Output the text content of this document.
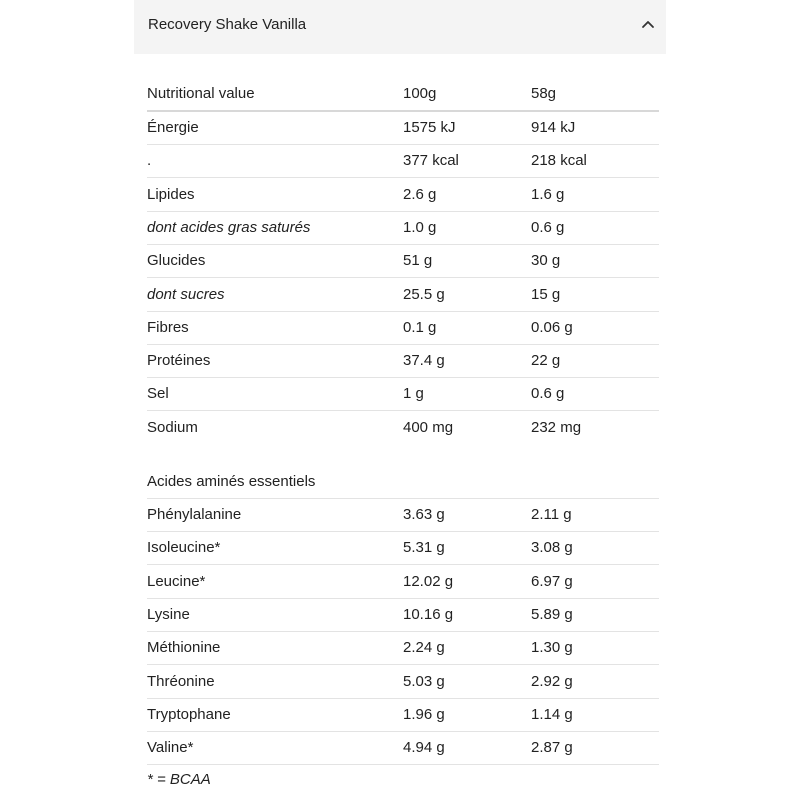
Recovery Shake Vanilla
Nutritional value	100g	58g
Énergie	1575 kJ	914 kJ
.	377 kcal	218 kcal
Lipides	2.6 g	1.6 g
dont acides gras saturés	1.0 g	0.6 g
Glucides	51 g	30 g
dont sucres	25.5 g	15 g
Fibres	0.1 g	0.06 g
Protéines	37.4 g	22 g
Sel	1 g	0.6 g
Sodium	400 mg	232 mg
Acides aminés essentiels
Phénylalanine	3.63 g	2.11 g
Isoleucine*	5.31 g	3.08 g
Leucine*	12.02 g	6.97 g
Lysine	10.16 g	5.89 g
Méthionine	2.24 g	1.30 g
Thréonine	5.03 g	2.92 g
Tryptophane	1.96 g	1.14 g
Valine*	4.94 g	2.87 g
* = BCAA
